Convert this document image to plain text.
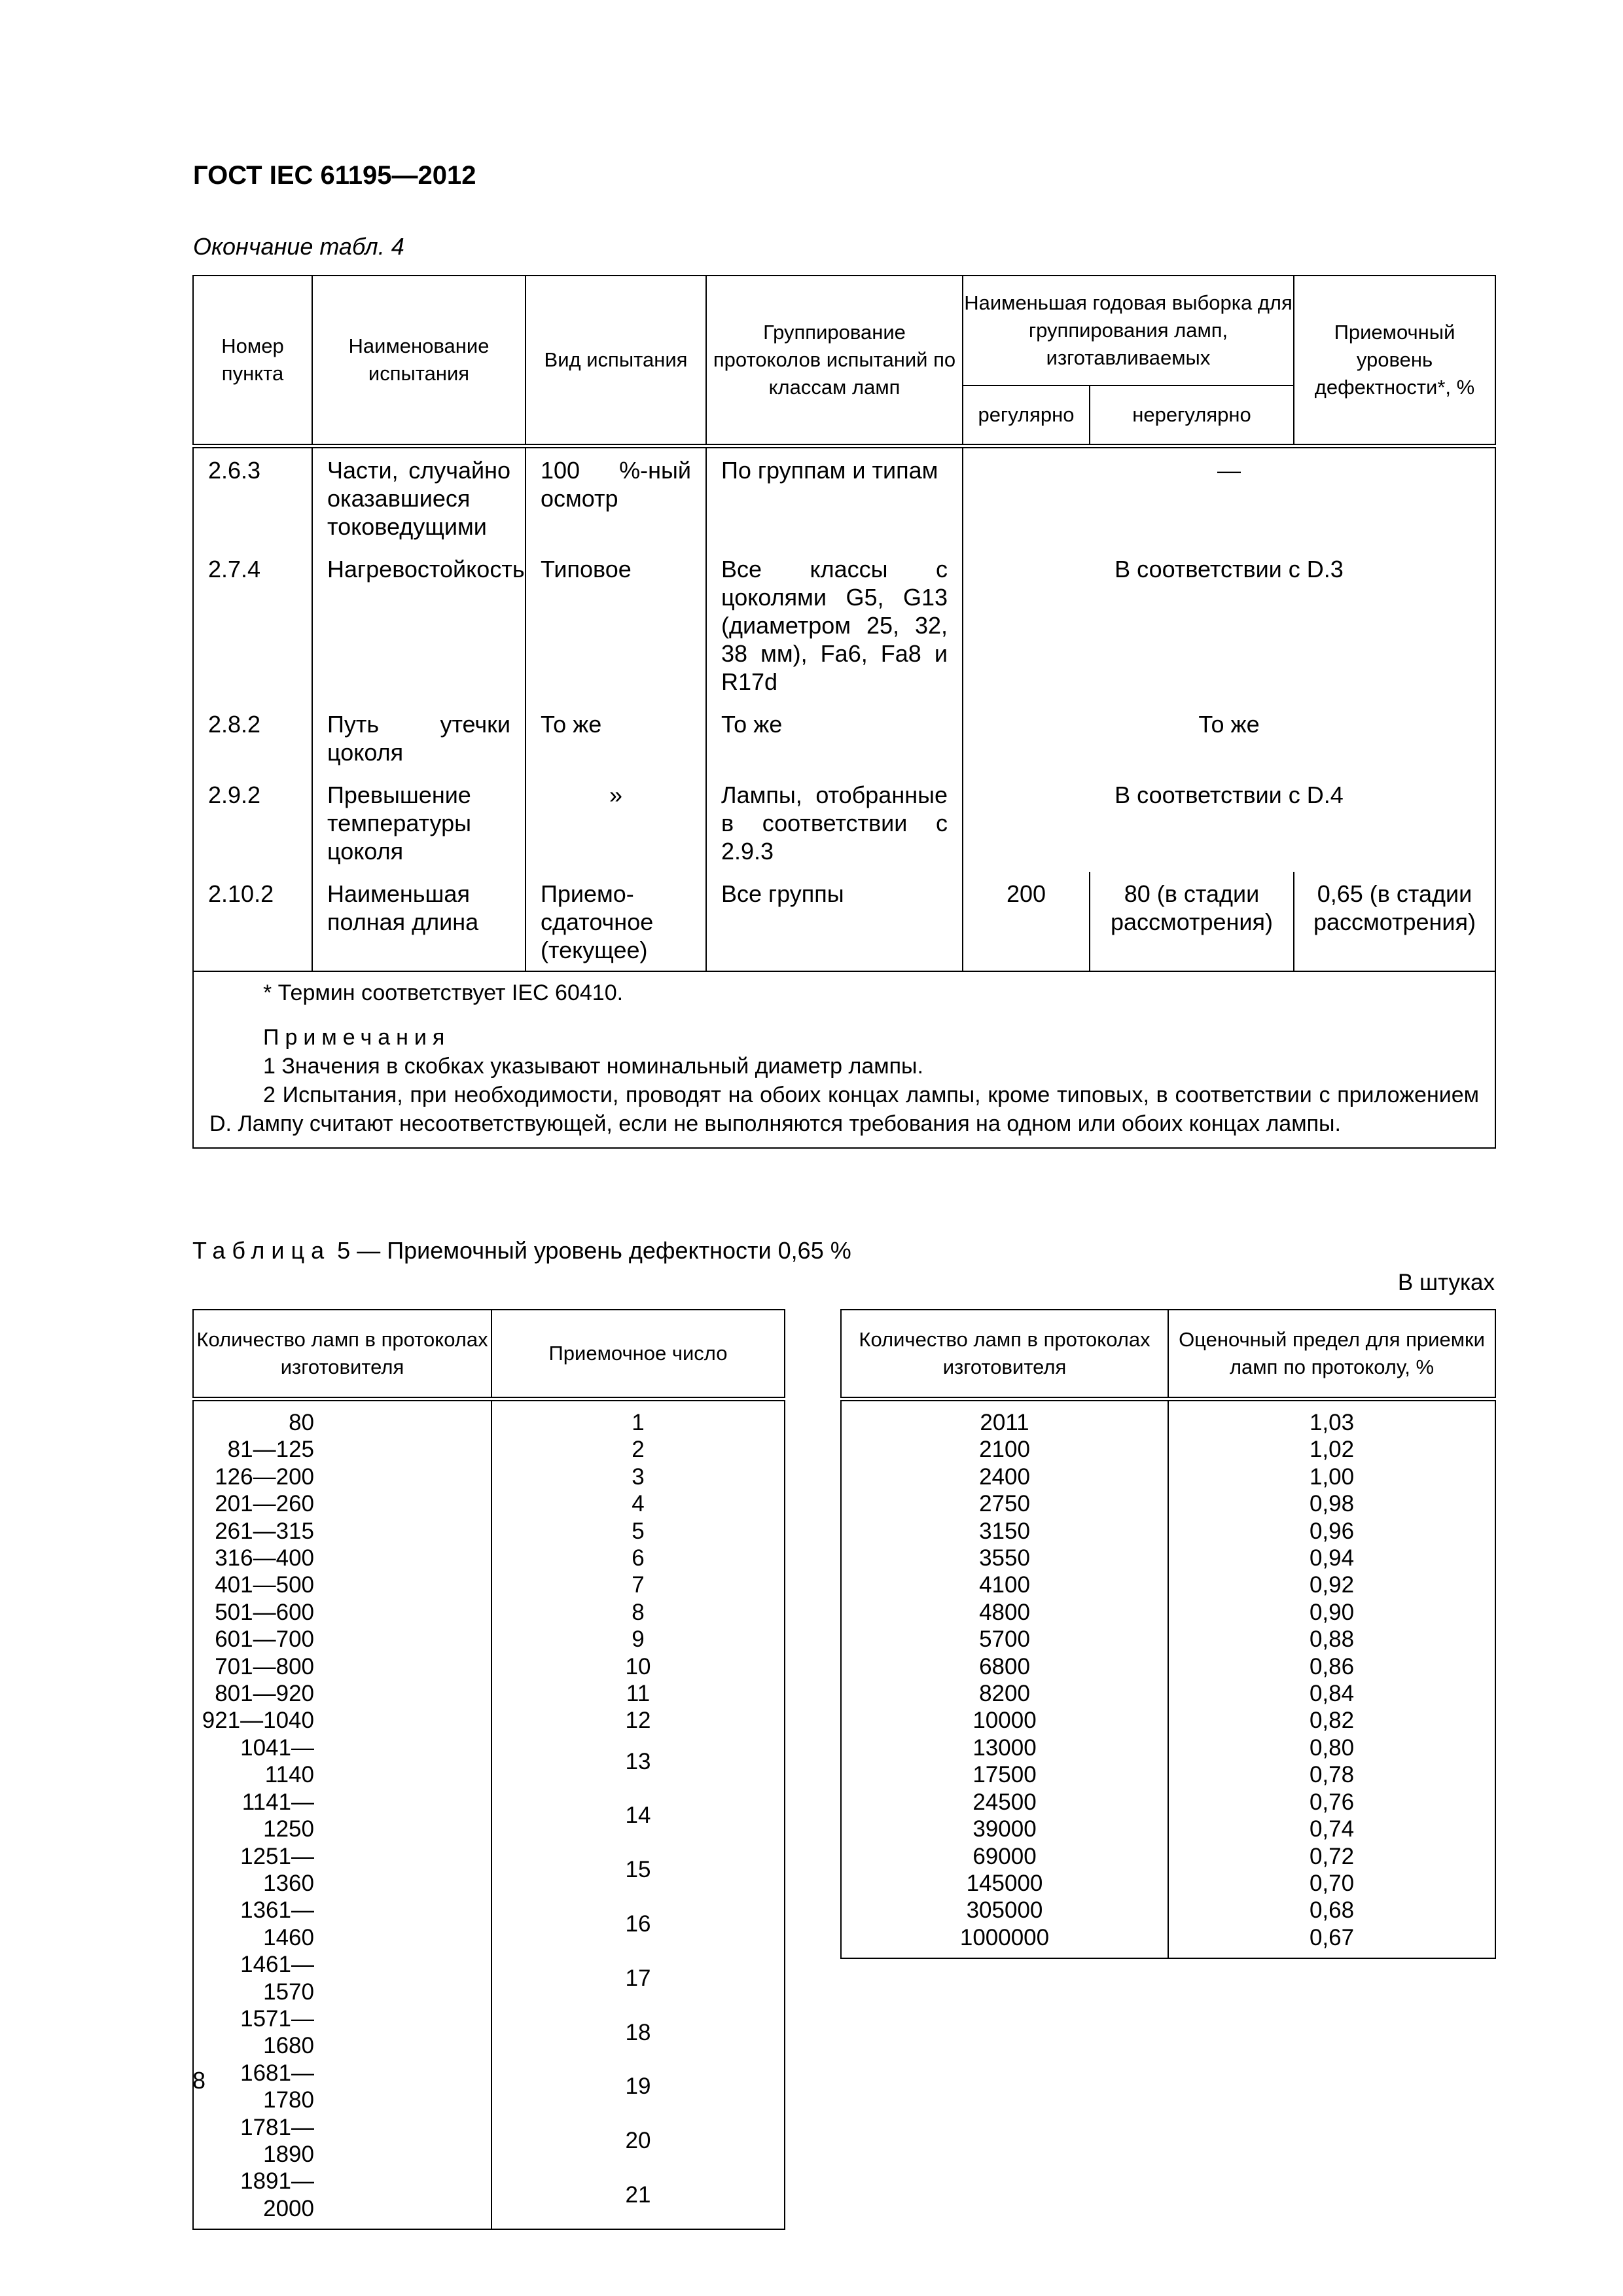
ГОСТ IEC 61195—2012
Окончание табл. 4
Номер пункта	Наименование испытания	Вид испытания	Группирование протоколов испытаний по классам ламп	Наименьшая годовая выборка для группирования ламп, изготавливаемых		Приемочный уровень дефектности*, %
				регулярно	нерегулярно	
2.6.3	Части, случайно оказавшиеся токоведущими	100 %-ный осмотр	По группам и типам	—		
2.7.4	Нагревостойкость	Типовое	Все классы с цоколями G5, G13 (диаметром 25, 32, 38 мм), Fa6, Fa8 и R17d	В соответствии с D.3		
2.8.2	Путь утечки цоколя	То же	То же	То же		
2.9.2	Превышение температуры цоколя	»	Лампы, отобранные в соответствии с 2.9.3	В соответствии с D.4		
2.10.2	Наименьшая полная длина	Приемо-сдаточное (текущее)	Все группы	200	80 (в стадии рассмотрения)	0,65 (в стадии рассмотрения)

* Термин соответствует IEC 60410.
Примечания
1 Значения в скобках указывают номинальный диаметр лампы.
2 Испытания, при необходимости, проводят на обоих концах лампы, кроме типовых, в соответствии с приложением D. Лампу считают несоответствующей, если не выполняются требования на одном или обоих концах лампы.						
Таблица 5 — Приемочный уровень дефектности 0,65 %
В штуках
Количество ламп в протоколах изготовителя	Приемочное число
80	1
81—125	2
126—200	3
201—260	4
261—315	5
316—400	6
401—500	7
501—600	8
601—700	9
701—800	10
801—920	11
921—1040	12
1041—1140	13
1141—1250	14
1251—1360	15
1361—1460	16
1461—1570	17
1571—1680	18
1681—1780	19
1781—1890	20
1891—2000	21
Количество ламп в протоколах изготовителя	Оценочный предел для приемки ламп по протоколу, %
2011	1,03
2100	1,02
2400	1,00
2750	0,98
3150	0,96
3550	0,94
4100	0,92
4800	0,90
5700	0,88
6800	0,86
8200	0,84
10000	0,82
13000	0,80
17500	0,78
24500	0,76
39000	0,74
69000	0,72
145000	0,70
305000	0,68
1000000	0,67
8
